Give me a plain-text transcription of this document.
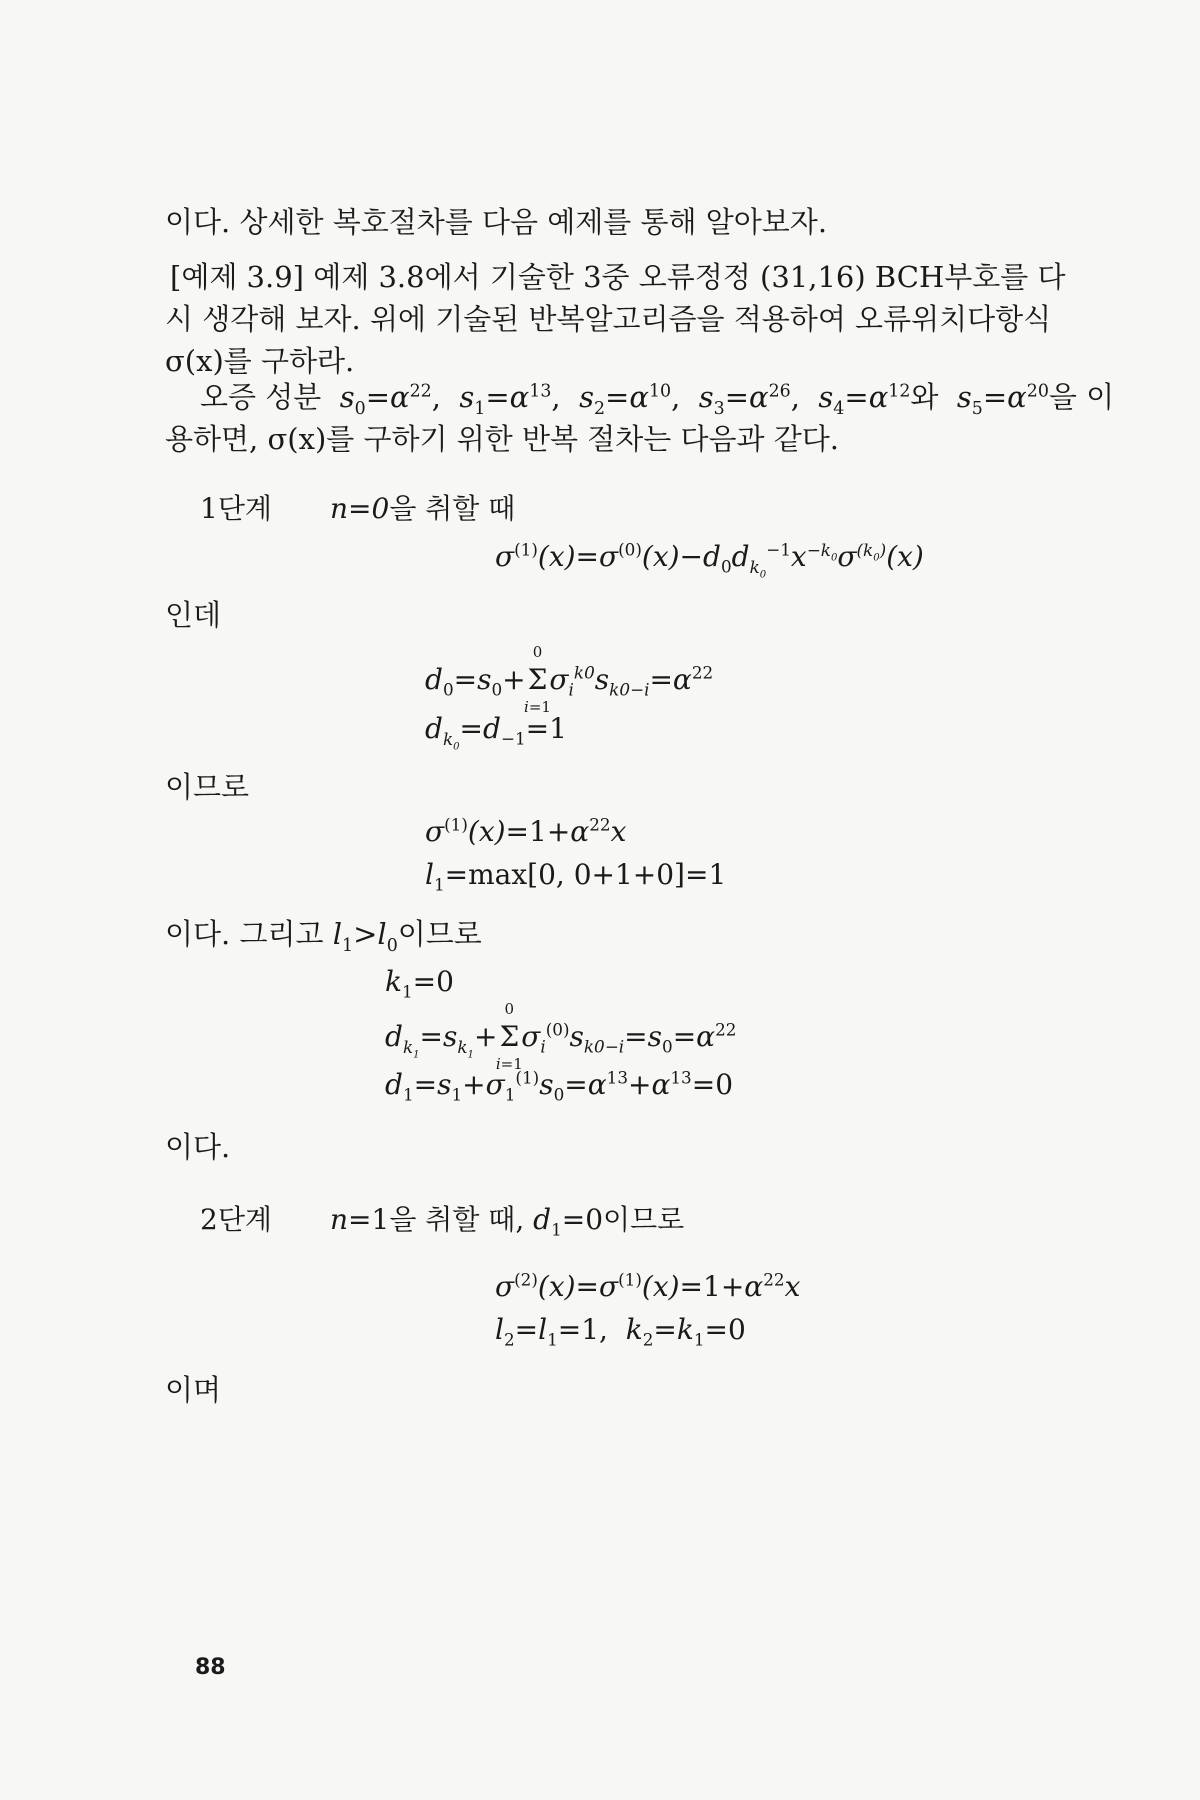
이다. 상세한 복호절차를 다음 예제를 통해 알아보자.
[예제 3.9] 예제 3.8에서 기술한 3중 오류정정 (31,16) BCH부호를 다
시 생각해 보자. 위에 기술된 반복알고리즘을 적용하여 오류위치다항식
σ(x)를 구하라.
오증 성분 $s_0=\alpha^{22}$,  $s_1=\alpha^{13}$,  $s_2=\alpha^{10}$,  $s_3=\alpha^{26}$,  $s_4=\alpha^{12}$와 $s_5=\alpha^{20}$을 이
용하면, σ(x)를 구하기 위한 반복 절차는 다음과 같다.
1단계 n=0을 취할 때
$\sigma^{(1)}(x)=\sigma^{(0)}(x)-d_0d_{k_0}^{-1}x^{-k_0}\sigma^{(k_0)}(x)$
인데
$d_0=s_0+\Sigma$
0
i=1
$\sigma_i^{k0}s_{k0-i}=\alpha^{22}$
$d_{k_0}=d_{-1}=1$
이므로
$\sigma^{(1)}(x)=1+\alpha^{22}x$
$l_1=\max[0$, 0+1+0]=1
이다. 그리고 $l_1>l_0$이므로
$k_1=0$
$d_{k_1}=s_{k_1}+\Sigma$
0
i=1
$\sigma_i^{(0)}s_{k0-i}=s_0=\alpha^{22}$
$d_1=s_1+\sigma_1^{(1)}s_0=\alpha^{13}+\alpha^{13}=0$
이다.
2단계 n=1을 취할 때, $d_1=0$이므로
$\sigma^{(2)}(x)=\sigma^{(1)}(x)=1+\alpha^{22}x$
$l_2=l_1=1$,  $k_2=k_1=0$
이며
88
